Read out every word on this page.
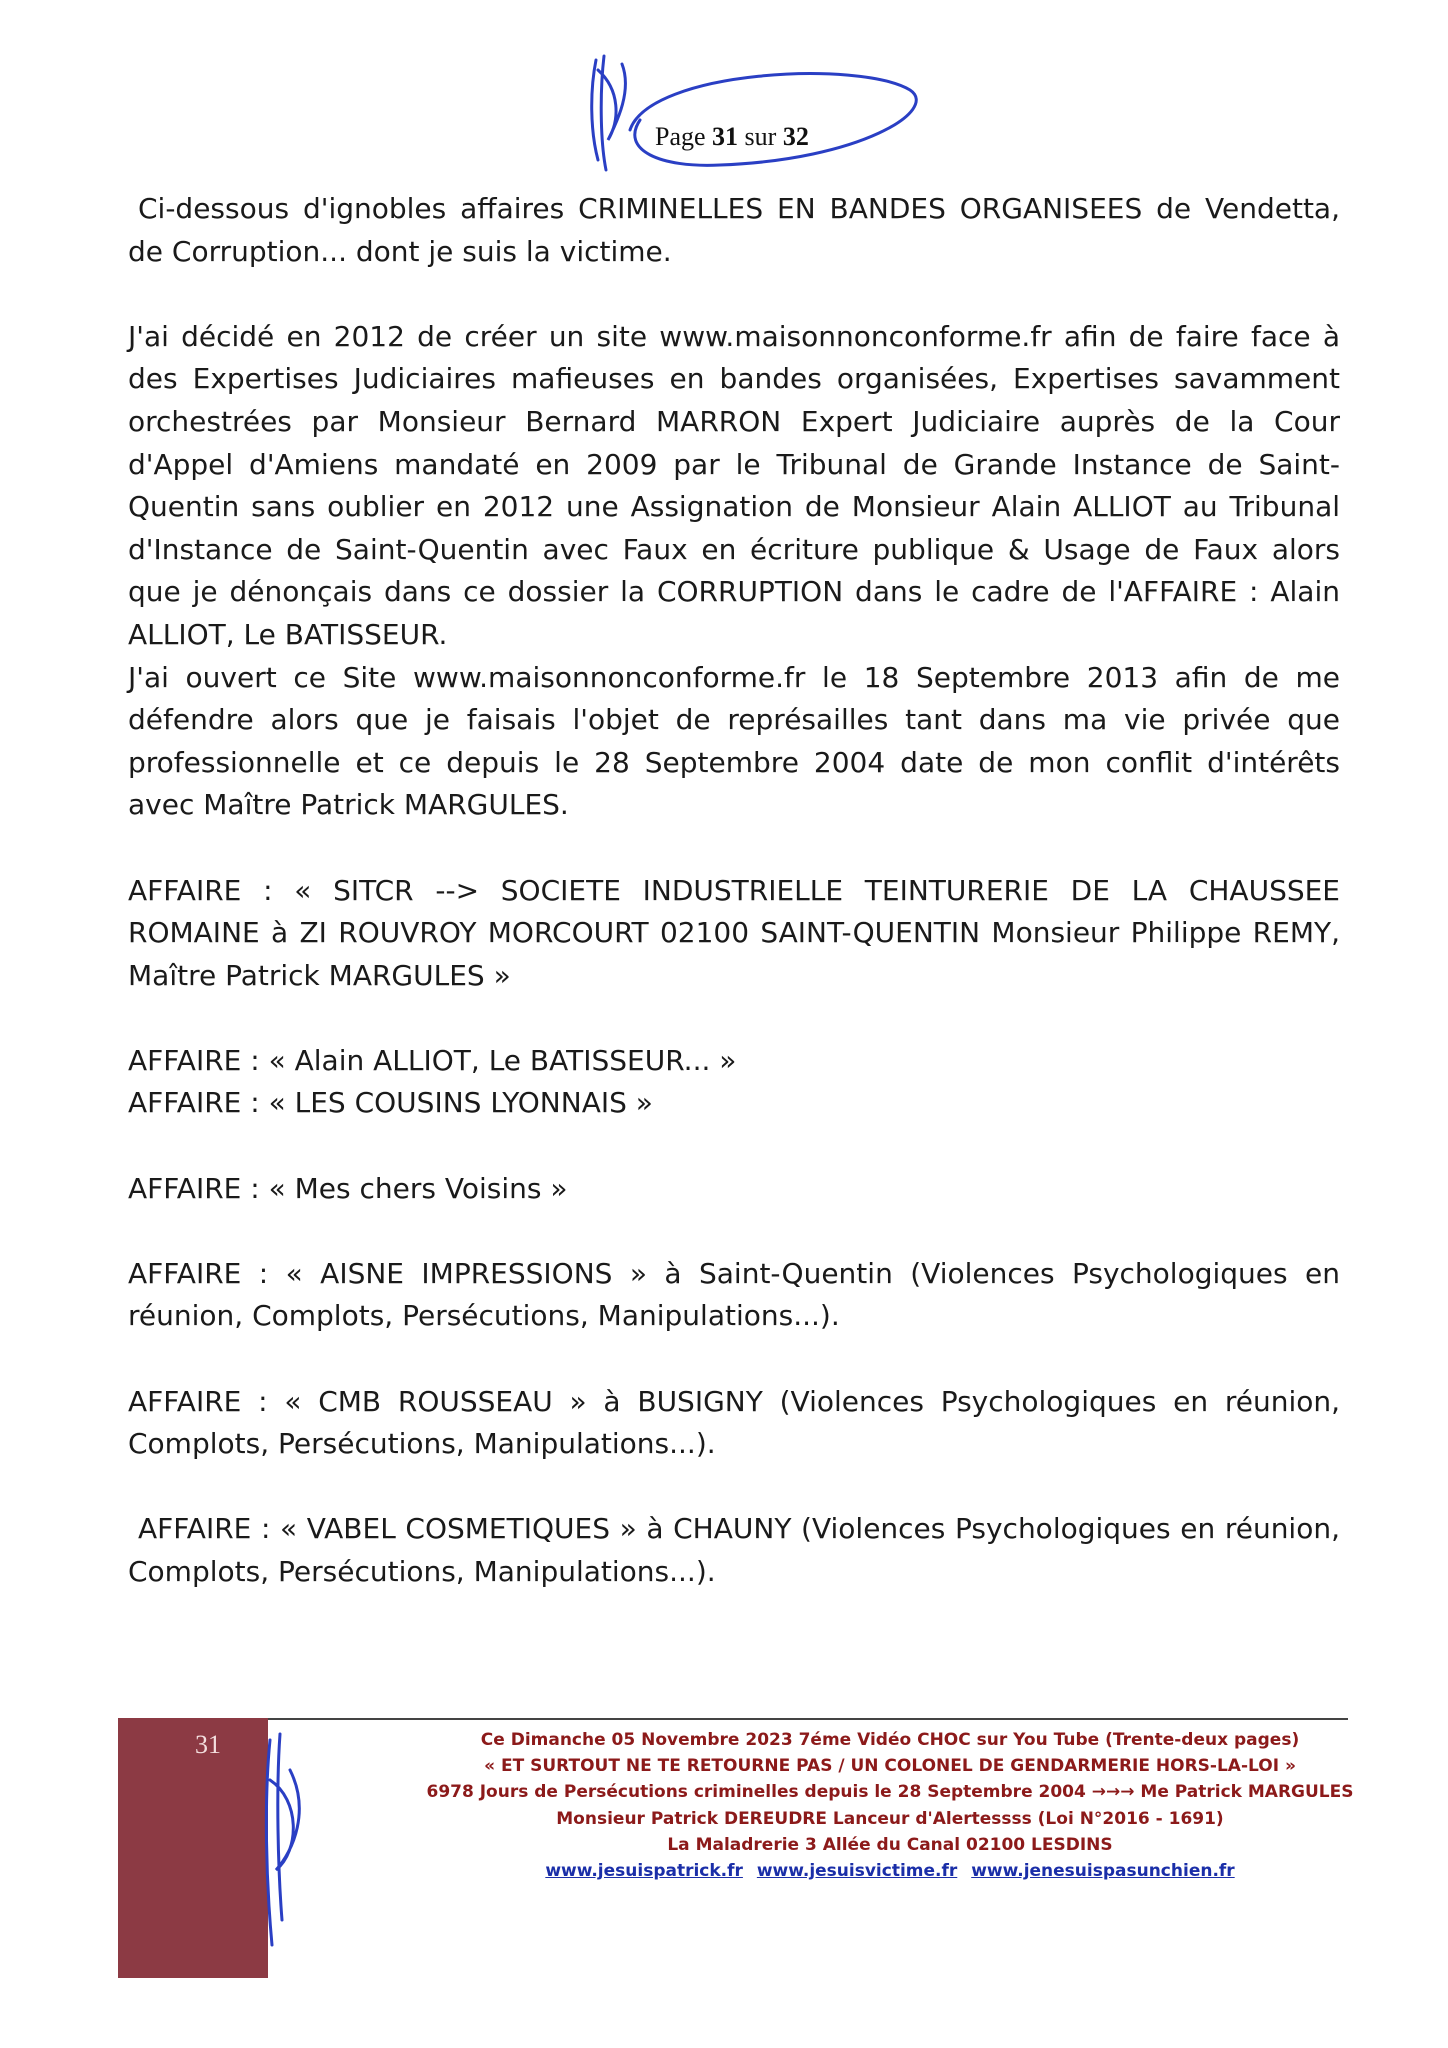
Page 31 sur 32

Ci-dessous d'ignobles affaires CRIMINELLES EN BANDES ORGANISEES de Vendetta, de Corruption... dont je suis la victime.

J'ai décidé en 2012 de créer un site www.maisonnonconforme.fr afin de faire face à des Expertises Judiciaires mafieuses en bandes organisées, Expertises savamment orchestrées par Monsieur Bernard MARRON Expert Judiciaire auprès de la Cour d'Appel d'Amiens mandaté en 2009 par le Tribunal de Grande Instance de Saint-Quentin sans oublier en 2012 une Assignation de Monsieur Alain ALLIOT au Tribunal d'Instance de Saint-Quentin avec Faux en écriture publique & Usage de Faux alors que je dénonçais dans ce dossier la CORRUPTION dans le cadre de l'AFFAIRE : Alain ALLIOT, Le BATISSEUR.

J'ai ouvert ce Site www.maisonnonconforme.fr le 18 Septembre 2013 afin de me défendre alors que je faisais l'objet de représailles tant dans ma vie privée que professionnelle et ce depuis le 28 Septembre 2004 date de mon conflit d'intérêts avec Maître Patrick MARGULES.

AFFAIRE : « SITCR --> SOCIETE INDUSTRIELLE TEINTURERIE DE LA CHAUSSEE ROMAINE à ZI ROUVROY MORCOURT 02100 SAINT-QUENTIN Monsieur Philippe REMY, Maître Patrick MARGULES »

AFFAIRE : « Alain ALLIOT, Le BATISSEUR... »

AFFAIRE : « LES COUSINS LYONNAIS »

AFFAIRE : « Mes chers Voisins »

AFFAIRE : « AISNE IMPRESSIONS » à Saint-Quentin (Violences Psychologiques en réunion, Complots, Persécutions, Manipulations...).

AFFAIRE : « CMB ROUSSEAU » à BUSIGNY (Violences Psychologiques en réunion, Complots, Persécutions, Manipulations...).

AFFAIRE : « VABEL COSMETIQUES » à CHAUNY (Violences Psychologiques en réunion, Complots, Persécutions, Manipulations...).

31	Ce Dimanche 05 Novembre 2023 7éme Vidéo CHOC sur You Tube (Trente-deux pages)
« ET SURTOUT NE TE RETOURNE PAS / UN COLONEL DE GENDARMERIE HORS-LA-LOI »
6978 Jours de Persécutions criminelles depuis le 28 Septembre 2004 →→→ Me Patrick MARGULES
Monsieur Patrick DEREUDRE Lanceur d'Alertessss (Loi N°2016 - 1691)
La Maladrerie 3 Allée du Canal 02100 LESDINS
www.jesuispatrick.fr www.jesuisvictime.fr www.jenesuispasunchien.fr
